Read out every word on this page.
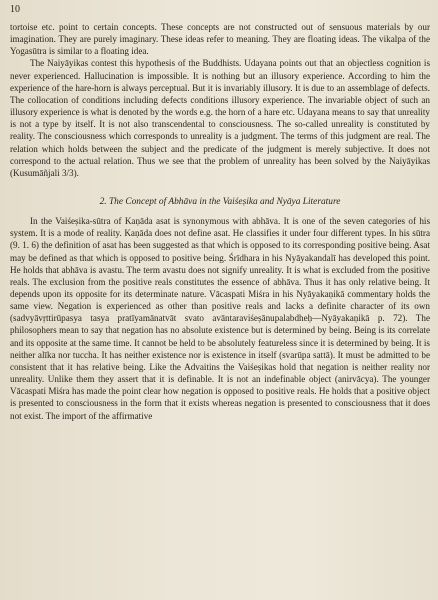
10

tortoise etc. point to certain concepts. These concepts are not constructed out of sensuous materials by our imagination. They are purely imaginary. These ideas refer to meaning. They are floating ideas. The vikalpa of the Yogasūtra is similar to a floating idea.

The Naiyāyikas contest this hypothesis of the Buddhists. Udayana points out that an objectless cognition is never experienced. Hallucination is impossible. It is nothing but an illusory experience. According to him the experience of the hare-horn is always perceptual. But it is invariably illusory. It is due to an assemblage of defects. The collocation of conditions including defects conditions illusory experience. The invariable object of such an illusory experience is what is denoted by the words e.g. the horn of a hare etc. Udayana means to say that unreality is not a type by itself. It is not also transcendental to consciousness. The so-called unreality is constituted by reality. The consciousness which corresponds to unreality is a judgment. The terms of this judgment are real. The relation which holds between the subject and the predicate of the judgment is merely subjective. It does not correspond to the actual relation. Thus we see that the problem of unreality has been solved by the Naiyāyikas (Kusumāñjali 3/3).

2. The Concept of Abhāva in the Vaiśeṣika and Nyāya Literature

In the Vaiśeṣika-sūtra of Kaṇāda asat is synonymous with abhāva. It is one of the seven categories of his system. It is a mode of reality. Kaṇāda does not define asat. He classifies it under four different types. In his sūtra (9. 1. 6) the definition of asat has been suggested as that which is opposed to its corresponding positive being. Asat may be defined as that which is opposed to positive being. Śrīdhara in his Nyāyakandalī has developed this point. He holds that abhāva is avastu. The term avastu does not signify unreality. It is what is excluded from the positive reals. The exclusion from the positive reals constitutes the essence of abhāva. Thus it has only relative being. It depends upon its opposite for its determinate nature. Vācaspati Miśra in his Nyāyakaṇikā commentary holds the same view. Negation is experienced as other than positive reals and lacks a definite character of its own (sadvyāvṛttirūpasya tasya pratīyamānatvāt svato avāntaraviśeṣānupalabdheḥ—Nyāyakaṇikā p. 72). The philosophers mean to say that negation has no absolute existence but is determined by being. Being is its correlate and its opposite at the same time. It cannot be held to be absolutely featureless since it is determined by being. It is neither alīka nor tuccha. It has neither existence nor is existence in itself (svarūpa sattā). It must be admitted to be consistent that it has relative being. Like the Advaitins the Vaiśeṣikas hold that negation is neither reality nor unreality. Unlike them they assert that it is definable. It is not an indefinable object (anirvācya). The younger Vācaspati Miśra has made the point clear how negation is opposed to positive reals. He holds that a positive object is presented to consciousness in the form that it exists whereas negation is presented to consciousness that it does not exist. The import of the affirmative
